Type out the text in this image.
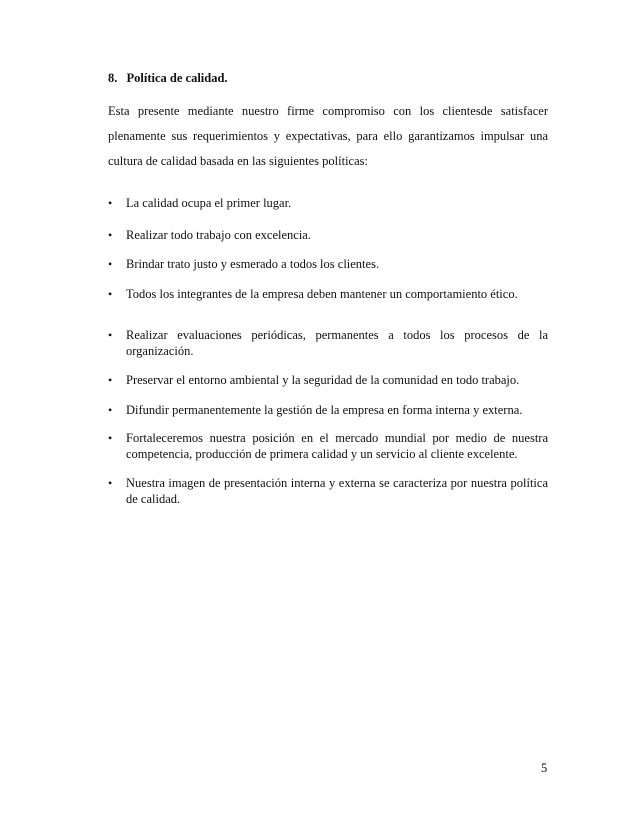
8. Política de calidad.
Esta presente mediante nuestro firme compromiso con los clientesde satisfacer
plenamente sus requerimientos y expectativas, para ello garantizamos impulsar una
cultura de calidad basada en las siguientes políticas:
•	La calidad ocupa el primer lugar.
•	Realizar todo trabajo con excelencia.
•	Brindar trato justo y esmerado a todos los clientes.
•	Todos los integrantes de la empresa deben mantener un comportamiento ético.
•	Realizar evaluaciones periódicas, permanentes a todos los procesos de la organización.
•	Preservar el entorno ambiental y la seguridad de la comunidad en todo trabajo.
•	Difundir permanentemente la gestión de la empresa en forma interna y externa.
•	Fortaleceremos nuestra posición en el mercado mundial por medio de nuestra competencia, producción de primera calidad y un servicio al cliente excelente.
•	Nuestra imagen de presentación interna y externa se caracteriza por nuestra política de calidad.
5
